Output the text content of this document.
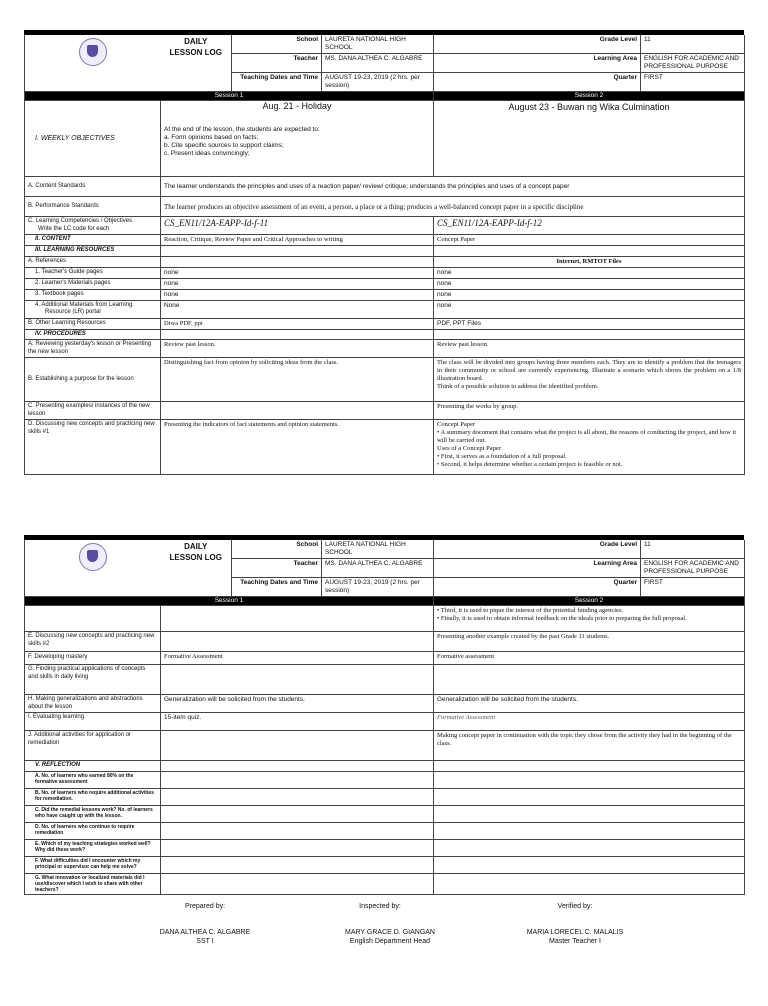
	DAILY
LESSON LOG	School	LAURETA NATIONAL HIGH SCHOOL	Grade Level	11
		Teacher	MS. DANA ALTHEA C. ALGABRE	Learning Area	ENGLISH FOR ACADEMIC AND PROFESSIONAL PURPOSE
		Teaching Dates and Time	AUGUST 19-23, 2019 (2 hrs. per session)	Quarter	FIRST
Session 1				Session 2	
I. WEEKLY OBJECTIVES	Aug. 21 - Holiday
At the end of the lesson, the students are expected to:
a. Form opinions based on facts;
b. Cite specific sources to support claims;
c. Present ideas convincingly;			August 23 - Buwan ng Wika Culmination	

A. Content Standards	The learner understands the principles and uses of a reaction paper/ review/ critique; understands the principles and uses of a concept paper				
B. Performance Standards	The learner produces an objective assessment of an event, a person, a place or a thing; produces a well-balanced concept paper in a specific discipline				

C. Learning Competencies / Objectives
Write the LC code for each	CS_EN11/12A-EAPP-Id-f-11			CS_EN11/12A-EAPP-Id-f-12	
II. CONTENT	Reaction, Critique, Review Paper and Critical Approaches to writing			Concept Paper	
III. LEARNING RESOURCES					
A. References				Internet, RMTOT Files	
1. Teacher's Guide pages	none			none	
2. Learner's Materials pages	none			none	
3. Textbook pages	none			none	

4. Additional Materials from Learning
Resource (LR) portal	None			none	
B. Other Learning Resources	Diwa PDF, ppt			PDF, PPT Files	
IV. PROCEDURES					
A. Reviewing yesterday's lesson or Presenting the new lesson	Review past lesson.			Review past lesson.	
B. Establishing a purpose for the lesson	Distinguishing fact from opinion by soliciting ideas from the class.			The class will be divided into groups having three members each. They are to identify a problem that the teenagers in their community or school are currently experiencing. Illustrate a scenario which shows the problem on a 1/8 illustration board.
Think of a possible solution to address the identified problem.	

C. Presenting examples/ instances of the new lesson				Presenting the works by group.	
D. Discussing new concepts and practicing new skills #1	Presenting the indicators of fact statements and opinion statements.			Concept Paper
• A summary document that contains what the project is all about, the reasons of conducting the project, and how it will be carried out.
Uses of a Concept Paper
• First, it serves as a foundation of a full proposal.
• Second, it helps determine whether a certain project is feasible or not.	

	DAILY
LESSON LOG	School	LAURETA NATIONAL HIGH SCHOOL	Grade Level	11
		Teacher	MS. DANA ALTHEA C. ALGABRE	Learning Area	ENGLISH FOR ACADEMIC AND PROFESSIONAL PURPOSE
		Teaching Dates and Time	AUGUST 19-23, 2019 (2 hrs. per session)	Quarter	FIRST
Session 1				Session 2	

				• Third, it is used to pique the interest of the potential funding agencies.
• Finally, it is used to obtain informal feedback on the ideals prior to preparing the full proposal.	

E. Discussing new concepts and practicing new skills #2				Presenting another example created by the past Grade 11 students.	
F. Developing mastery	Formative Assessment			Formative assessment	
G. Finding practical applications of concepts and skills in daily living					
H. Making generalizations and abstractions about the lesson	Generalization will be solicited from the students.			Generalization will be solicited from the students.	
I. Evaluating learning	15-item quiz.			Formative Assessment	
J. Additional activities for application or remediation				Making concept paper in continuation with the topic they chose from the activity they had in the beginning of the class.	
V. REFLECTION					
A. No. of learners who earned 80% on the formative assessment					
B. No. of learners who require additional activities for remediation.					
C. Did the remedial lessons work? No. of learners who have caught up with the lesson.					
D. No. of learners who continue to require remediation					
E. Which of my teaching strategies worked well? Why did these work?					
F. What difficulties did I encounter which my principal or supervisor can help me solve?					
G. What innovation or localized materials did I use/discover which I wish to share with other teachers?					
Prepared by:	Inspected by:	Verified by:
DANA ALTHEA C. ALGABRE
SST I
MARY GRACE D. GIANGAN
English Department Head
MARIA LORECEL C. MALALIS
Master Teacher I
